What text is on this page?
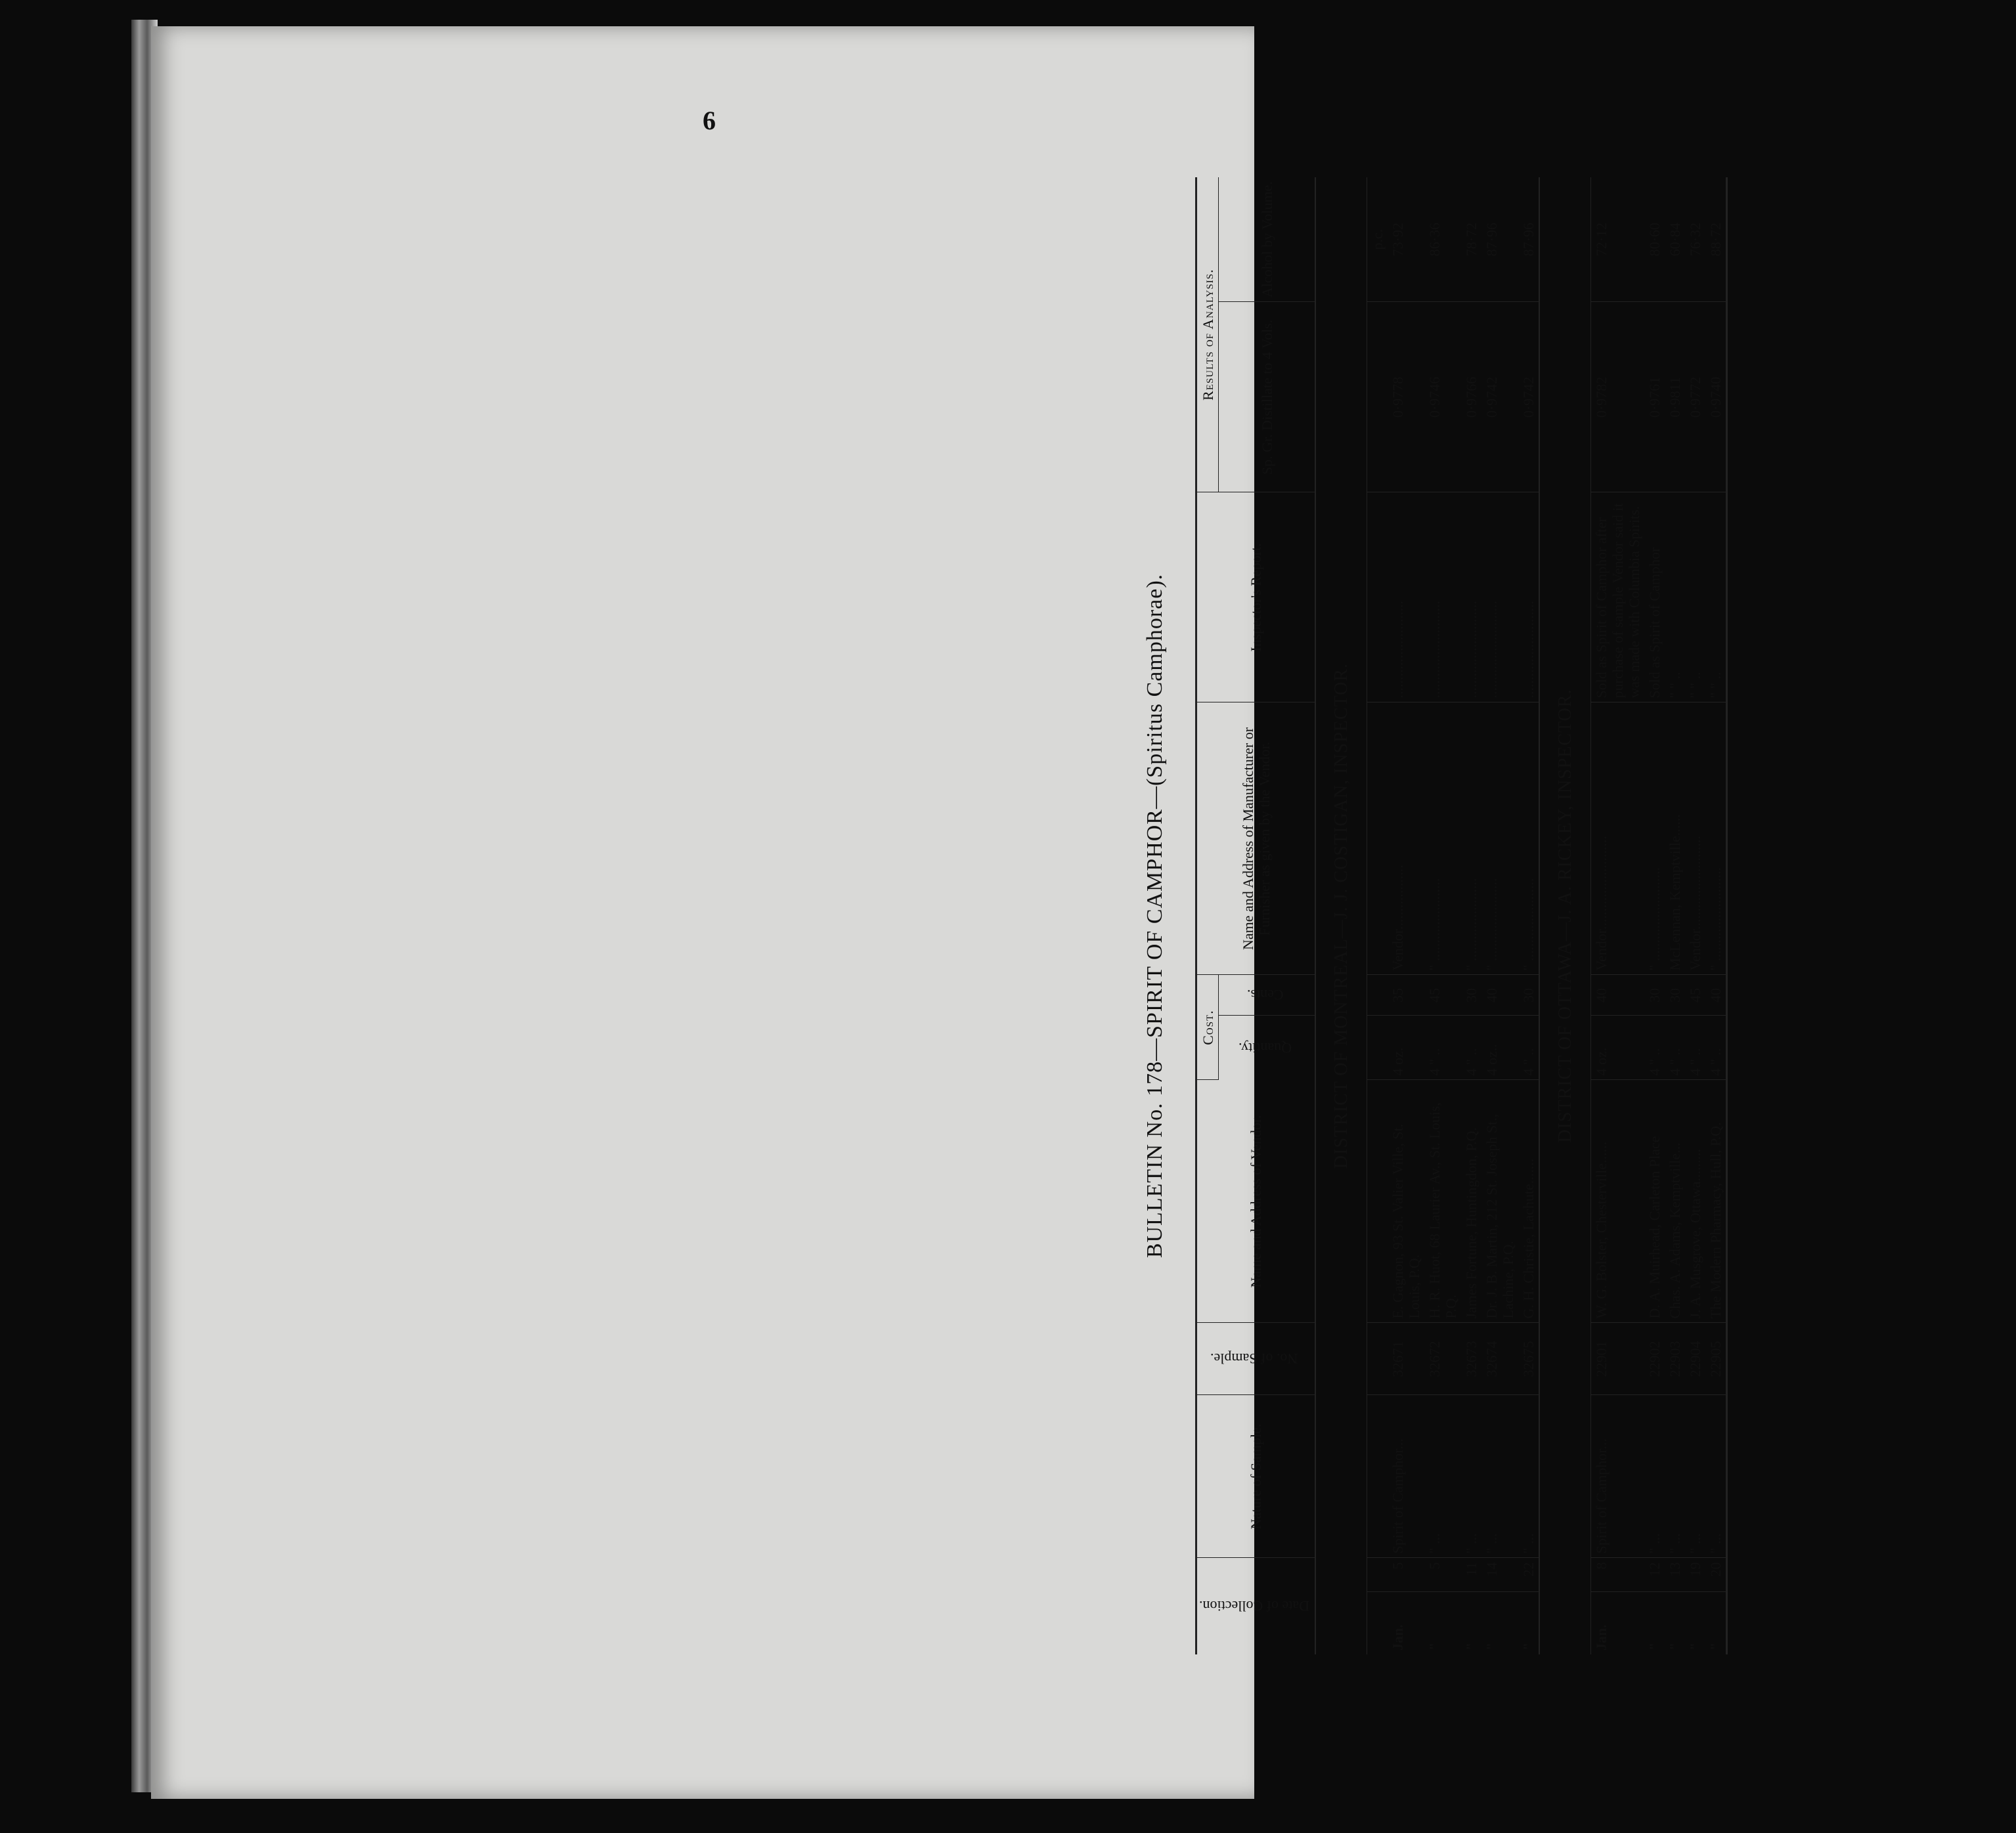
6
BULLETIN No. 178—SPIRIT OF CAMPHOR—(Spiritus Camphorae).
Date of Collection.		Nature of Sample.	No. of Sample.	Name and Address of Vendor.	Cost.		Name and Address of Manufacturer or Furnisher as given by the Vendor.	Inspector's Report.	Results of Analysis.	
					Quantity.	Cents.			Sp. Gr. Distillate to 4 Vols.	Alcohol by Volume.
DISTRICT OF MONTREAL—J. J. COSTIGAN, INSPECTOR.										
										p.c.
Jan.	5	Spirit of Camphor...	32671	E. Gagnon, 93 St. Valier Ville, St. Louis, P.Q.	4 oz.	35	Vendor..................	...........................	0·9778	73·92
"	5	" ...	32672	H. R. Huot, 68 Laurier Av., St. Louis, P.Q.	4 " ..	45	" .......................	...........................	0·9746	86·36
"	11	" ...	32673	James Fortune, Huntingdon, P.Q.	4 " ..	30	" .......................	...........................	0·9766	78·72
"	14	" ...	32674	Dr. J. B. Martin, 212 St. Joseph St., Lachine, P.Q.	4 oz..	40	" .......................	...........................	0·9742	87·96
"	22	" ...	32675	G. H. Christie, Lachute.......	4 " ..	30	" .......................	...........................	0·9742	87·96
DISTRICT OF OTTAWA—J. A. RICKEY, INSPECTOR.										
Jan.	8	Spirit of Camphor...	22901	W. G. Bolster, Chesterville......	4 oz.	40	Vendor..........................	Sold as Spirit of Camphor after purchase of sample Vendor said it was made with Columbia Spirits.	0·9782	72·12
"	12	" ...	22902	D. A. Muirhead, Carleton Place	4 " ..	30	" ..........................	Sold as Spirit of Camphor	0·9761	80·60
"	13	" ...	22903	Chas. A. Adams, Kemptville...	4 " ..	30	McLennan, Kemptville......	" " ..	0·9811	60·84
"	19	" ...	22904	J. A. Musgrove, Ottawa.........	4 " ..	45	Vendor..........................	" " ..	0·9772	76·32
"	20	" ...	22905	The Modern Pharmacy, Hull, P.Q.	4 " ..	40	" ..........................	" " ..	0·9740	88·72
